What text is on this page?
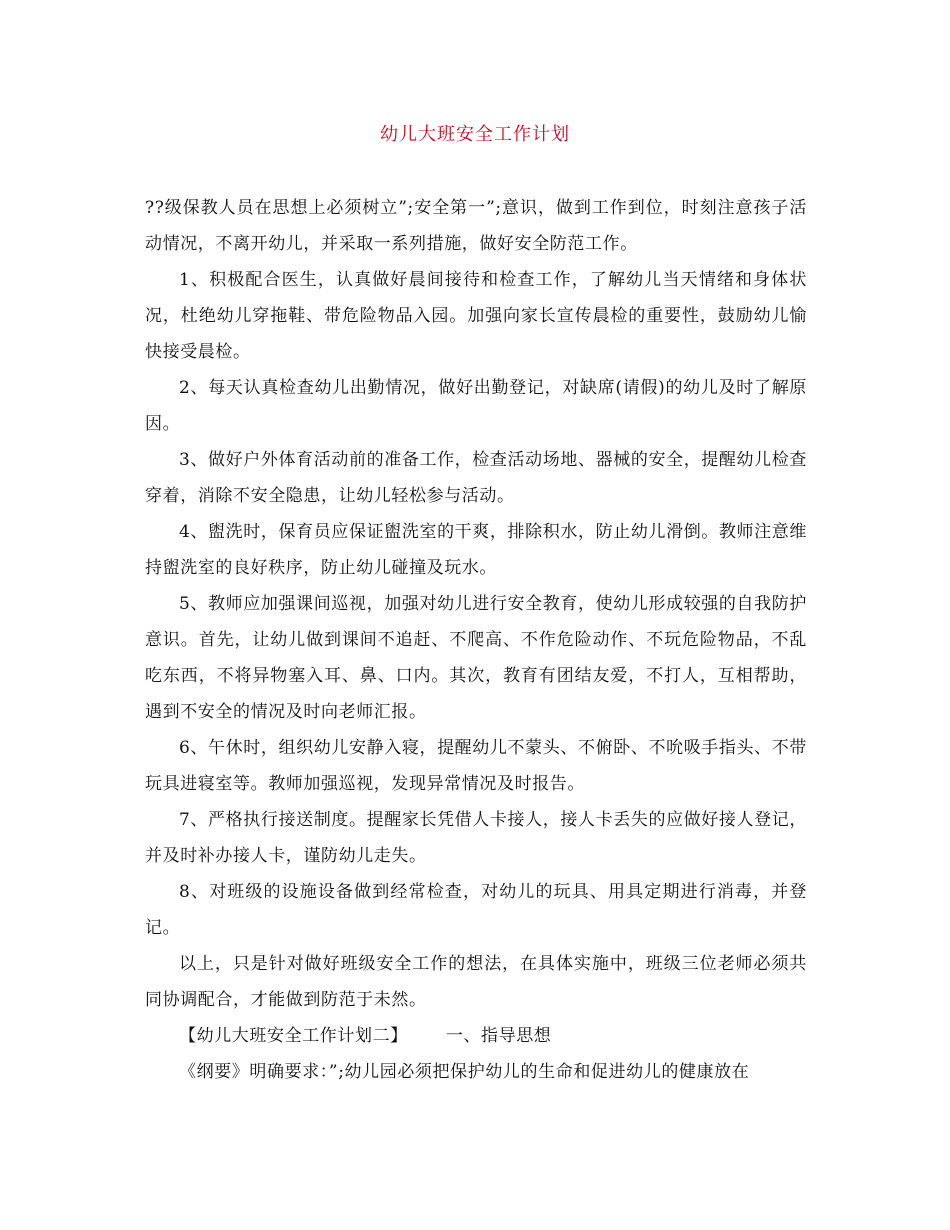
幼儿大班安全工作计划

??级保教人员在思想上必须树立”;安全第一”;意识，做到工作到位，时刻注意孩子活动情况，不离开幼儿，并采取一系列措施，做好安全防范工作。

1、积极配合医生，认真做好晨间接待和检查工作，了解幼儿当天情绪和身体状况，杜绝幼儿穿拖鞋、带危险物品入园。加强向家长宣传晨检的重要性，鼓励幼儿愉快接受晨检。

2、每天认真检查幼儿出勤情况，做好出勤登记，对缺席(请假)的幼儿及时了解原因。

3、做好户外体育活动前的准备工作，检查活动场地、器械的安全，提醒幼儿检查穿着，消除不安全隐患，让幼儿轻松参与活动。

4、盥洗时，保育员应保证盥洗室的干爽，排除积水，防止幼儿滑倒。教师注意维持盥洗室的良好秩序，防止幼儿碰撞及玩水。

5、教师应加强课间巡视，加强对幼儿进行安全教育，使幼儿形成较强的自我防护意识。首先，让幼儿做到课间不追赶、不爬高、不作危险动作、不玩危险物品，不乱吃东西，不将异物塞入耳、鼻、口内。其次，教育有团结友爱，不打人，互相帮助，遇到不安全的情况及时向老师汇报。

6、午休时，组织幼儿安静入寝，提醒幼儿不蒙头、不俯卧、不吮吸手指头、不带玩具进寝室等。教师加强巡视，发现异常情况及时报告。

7、严格执行接送制度。提醒家长凭借人卡接人，接人卡丢失的应做好接人登记，并及时补办接人卡，谨防幼儿走失。

8、对班级的设施设备做到经常检查，对幼儿的玩具、用具定期进行消毒，并登记。

以上，只是针对做好班级安全工作的想法，在具体实施中，班级三位老师必须共同协调配合，才能做到防范于未然。

【幼儿大班安全工作计划二】 一、指导思想

《纲要》明确要求：”;幼儿园必须把保护幼儿的生命和促进幼儿的健康放在
